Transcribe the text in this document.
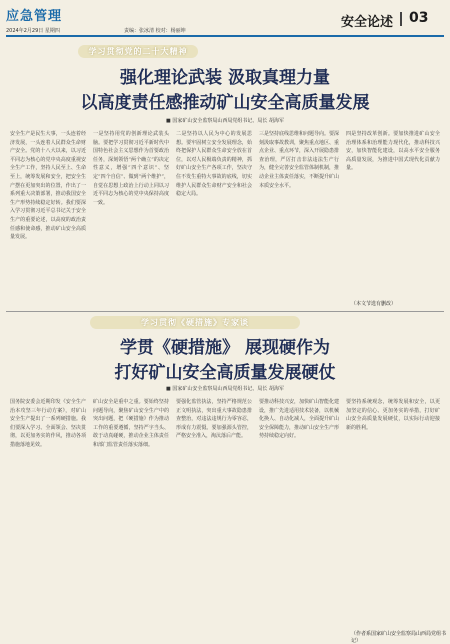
应急管理
2024年2月29日 星期四	责编：张冰清 校对：杨丽坤
安全论述 03
学习贯彻党的二十大精神
强化理论武装 汲取真理力量
以高度责任感推动矿山安全高质量发展
■ 国家矿山安全监察局山西局党组书记、局长 胡海军
安全生产是民生大事，一头连着经济发展，一头连着人民群众生命财产安全。党的十八大以来，以习近平同志为核心的党中央高度重视安全生产工作，坚持人民至上、生命至上，统筹发展和安全，把安全生产摆在更加突出的位置，作出了一系列重大决策部署，推动我国安全生产形势持续稳定好转。我们要深入学习贯彻习近平总书记关于安全生产的重要论述，以高度的政治责任感和使命感，推动矿山安全高质量发展。
一是坚持用党的创新理论武装头脑。要把学习贯彻习近平新时代中国特色社会主义思想作为首要政治任务，深刻领悟“两个确立”的决定性意义，增强“四个意识”、坚定“四个自信”、做到“两个维护”，自觉在思想上政治上行动上同以习近平同志为核心的党中央保持高度一致。
二是坚持以人民为中心的发展思想。要牢固树立安全发展理念，始终把保护人民群众生命安全放在首位，以对人民极端负责的精神，抓好矿山安全生产各项工作，坚决守住不发生重特大事故的底线，切实维护人民群众生命财产安全和社会稳定大局。
三是坚持底线思维和问题导向。要深刻汲取事故教训，聚焦重点地区、重点企业、重点环节，深入开展隐患排查治理，严厉打击非法违法生产行为，健全完善安全监管体制机制，推动企业主体责任落实，不断提升矿山本质安全水平。
四是坚持改革创新。要加快推进矿山安全治理体系和治理能力现代化，推动科技兴安，加快智能化建设，以高水平安全服务高质量发展，为推进中国式现代化贡献力量。
（本文节选有删改）
学习贯彻《硬措施》专家谈
学贯《硬措施》 展现硬作为
打好矿山安全高质量发展硬仗
■ 国家矿山安全监察局山西局党组书记、局长 胡海军
国务院安委会近期印发《安全生产治本攻坚三年行动方案》，对矿山安全生产提出了一系列硬措施。我们要深入学习、全面领会、坚决贯彻，以更加务实的作风，推动各项措施落地见效。
矿山安全是重中之重。要始终坚持问题导向，聚焦矿山安全生产中的突出问题，把《硬措施》作为推动工作的重要遵循，坚持严字当头、敢于动真碰硬，推动企业主体责任和部门监管责任落实落细。
要强化监管执法，坚持严格规范公正文明执法，突出重大事故隐患排查整治，对违法违规行为零容忍，形成有力震慑。要加强源头管控，严格安全准入，淘汰落后产能。
要推动科技兴安，加快矿山智能化建设，推广先进适用技术装备，以机械化换人、自动化减人，全面提升矿山安全保障能力，推动矿山安全生产形势持续稳定向好。
要坚持系统观念，统筹发展和安全，以更加坚定的信心、更加务实的举措，打好矿山安全高质量发展硬仗，以实际行动迎接新的胜利。
（作者系国家矿山安全监察局山西局党组书记）
